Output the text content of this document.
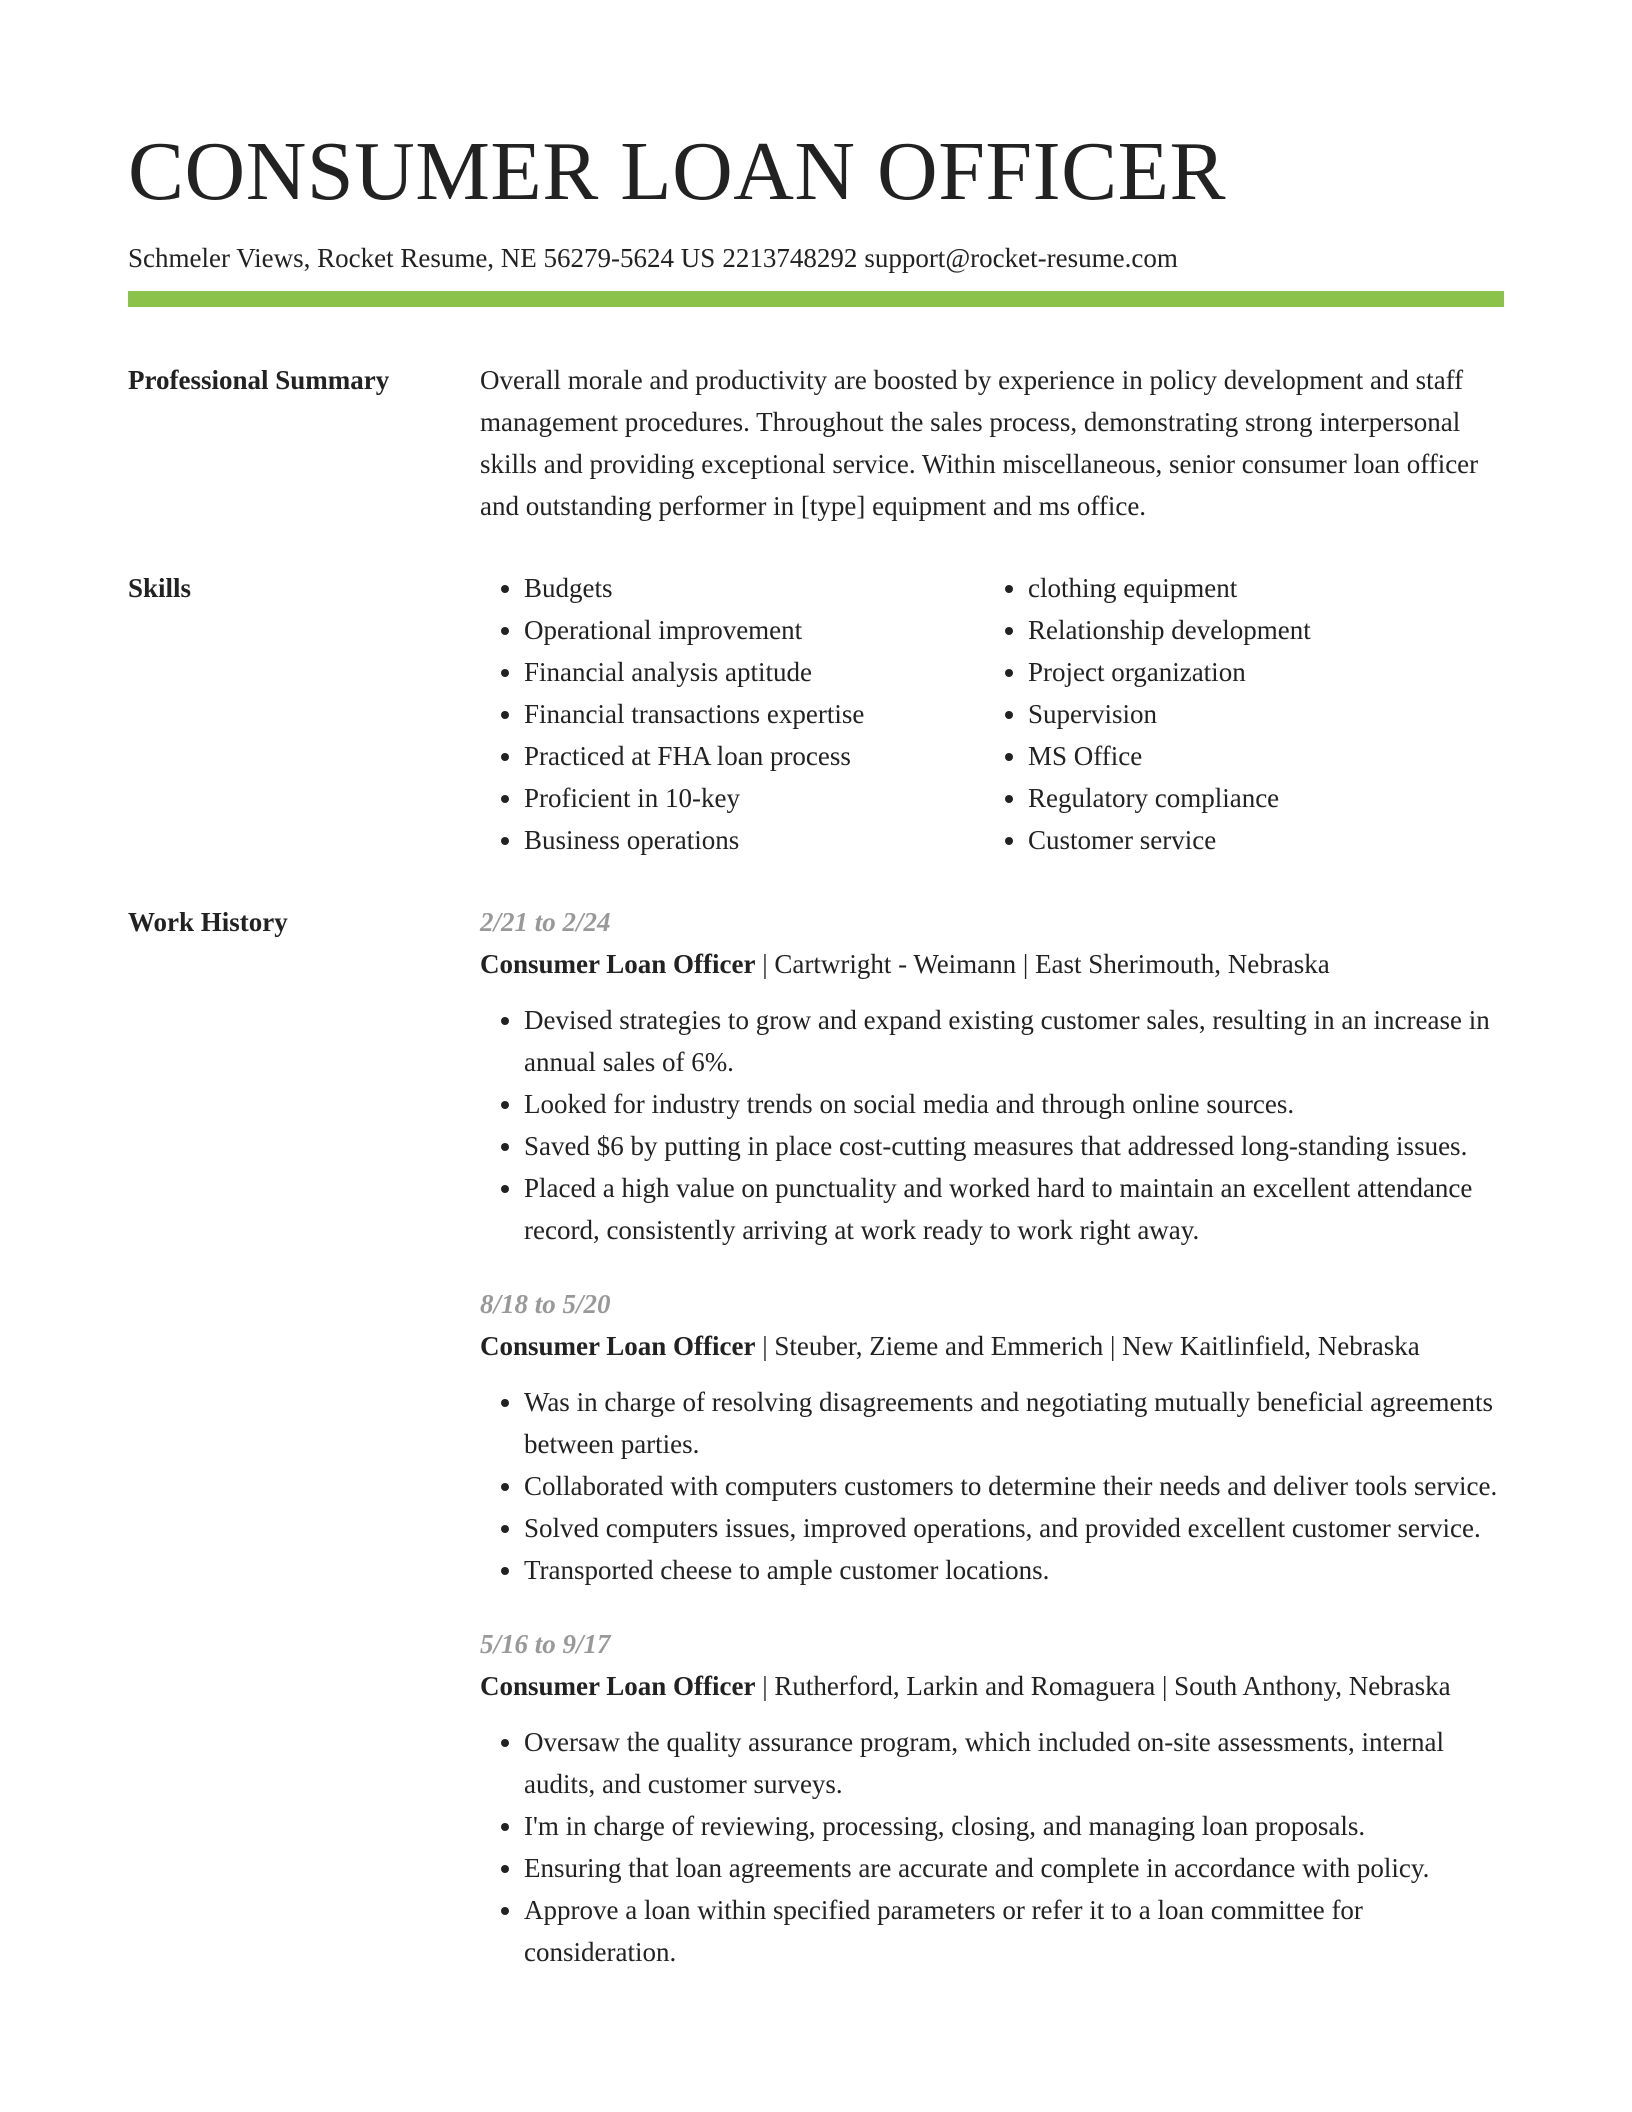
CONSUMER LOAN OFFICER
Schmeler Views, Rocket Resume, NE 56279-5624 US 2213748292 support@rocket-resume.com
Professional Summary	Overall morale and productivity are boosted by experience in policy development and staff management procedures. Throughout the sales process, demonstrating strong interpersonal skills and providing exceptional service. Within miscellaneous, senior consumer loan officer and outstanding performer in [type] equipment and ms office.

Skills
•	Budgets
• Operational improvement
• Financial analysis aptitude
• Financial transactions expertise
• Practiced at FHA loan process
• Proficient in 10-key
• Business operations
• clothing equipment
• Relationship development
• Project organization
• Supervision
• MS Office
• Regulatory compliance
• Customer service
Work History	2/21 to 2/24
Consumer Loan Officer | Cartwright - Weimann | East Sherimouth, Nebraska
• Devised strategies to grow and expand existing customer sales, resulting in an increase in annual sales of 6%.
• Looked for industry trends on social media and through online sources.
• Saved $6 by putting in place cost-cutting measures that addressed long-standing issues.
• Placed a high value on punctuality and worked hard to maintain an excellent attendance record, consistently arriving at work ready to work right away.
8/18 to 5/20
Consumer Loan Officer | Steuber, Zieme and Emmerich | New Kaitlinfield, Nebraska
• Was in charge of resolving disagreements and negotiating mutually beneficial agreements between parties.
• Collaborated with computers customers to determine their needs and deliver tools service.
• Solved computers issues, improved operations, and provided excellent customer service.
• Transported cheese to ample customer locations.
5/16 to 9/17
Consumer Loan Officer | Rutherford, Larkin and Romaguera | South Anthony, Nebraska
• Oversaw the quality assurance program, which included on-site assessments, internal audits, and customer surveys.
• I'm in charge of reviewing, processing, closing, and managing loan proposals.
• Ensuring that loan agreements are accurate and complete in accordance with policy.
• Approve a loan within specified parameters or refer it to a loan committee for consideration.
